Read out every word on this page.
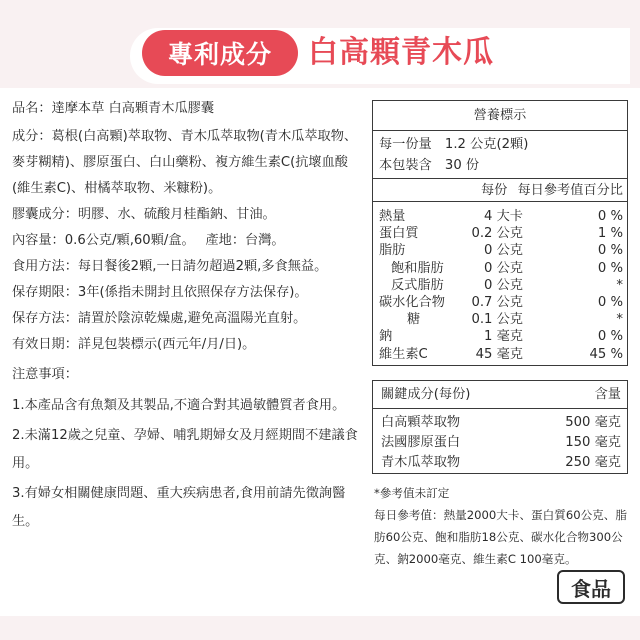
專利成分	白高顆青木瓜

品名：達摩本草 白高顆青木瓜膠囊

成分：葛根(白高顆)萃取物、青木瓜萃取物(青木瓜萃取物、麥芽糊精)、膠原蛋白、白山藥粉、複方維生素C(抗壞血酸(維生素C)、柑橘萃取物、米糠粉)。

膠囊成分：明膠、水、硫酸月桂酯鈉、甘油。

內容量：0.6公克/顆,60顆/盒。　 產地：台灣。

食用方法：每日餐後2顆,一日請勿超過2顆,多食無益。

保存期限：3年(係指未開封且依照保存方法保存)。

保存方法：請置於陰涼乾燥處,避免高溫陽光直射。

有效日期：詳見包裝標示(西元年/月/日)。

注意事項：

1.本產品含有魚類及其製品,不適合對其過敏體質者食用。

2.未滿12歲之兒童、孕婦、哺乳期婦女及月經期間不建議食用。

3.有婦女相關健康問題、重大疾病患者,食用前請先徵詢醫生。

營養標示
每一份量　1.2 公克(2顆)
本包裝含　30 份
每份 每日參考值百分比
熱量	4 大卡	0 %
蛋白質	0.2 公克	1 %
脂肪	0 公克	0 %
飽和脂肪	0 公克	0 %
反式脂肪	0 公克	*
碳水化合物 0.7 公克	0 %
糖	0.1 公克	*
鈉	1 毫克	0 %
維生素C	45 毫克	45 %
關鍵成分(每份)	含量
白高顆萃取物	500 毫克
法國膠原蛋白	150 毫克
青木瓜萃取物	250 毫克

*參考值未訂定

每日參考值：熱量2000大卡、蛋白質60公克、脂肪60公克、飽和脂肪18公克、碳水化合物300公克、鈉2000毫克、維生素C 100毫克。

食品
